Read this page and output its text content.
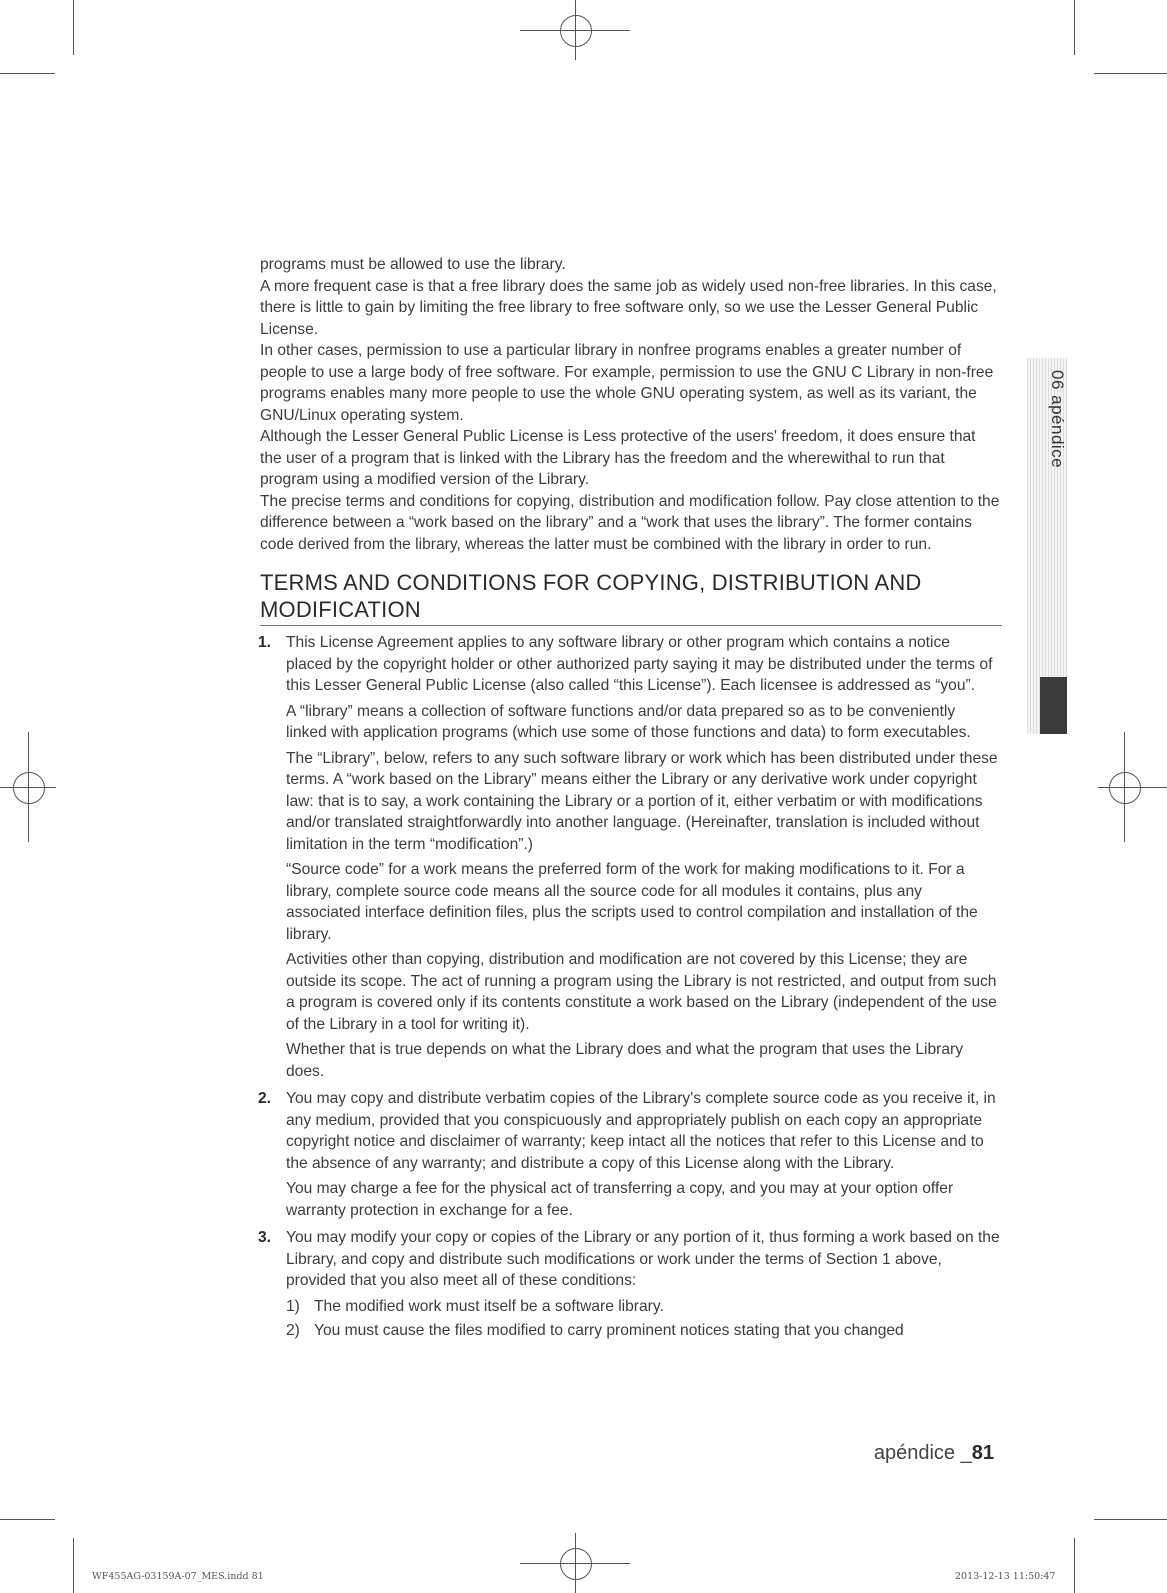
06 apéndice

programs must be allowed to use the library.

A more frequent case is that a free library does the same job as widely used non-free libraries. In this case, there is little to gain by limiting the free library to free software only, so we use the Lesser General Public License.

In other cases, permission to use a particular library in nonfree programs enables a greater number of people to use a large body of free software. For example, permission to use the GNU C Library in non-free programs enables many more people to use the whole GNU operating system, as well as its variant, the GNU/Linux operating system.

Although the Lesser General Public License is Less protective of the users' freedom, it does ensure that the user of a program that is linked with the Library has the freedom and the wherewithal to run that program using a modified version of the Library.

The precise terms and conditions for copying, distribution and modification follow. Pay close attention to the difference between a “work based on the library” and a “work that uses the library”. The former contains code derived from the library, whereas the latter must be combined with the library in order to run.

TERMS AND CONDITIONS FOR COPYING, DISTRIBUTION AND MODIFICATION
1. This License Agreement applies to any software library or other program which contains a notice placed by the copyright holder or other authorized party saying it may be distributed under the terms of this Lesser General Public License (also called “this License”). Each licensee is addressed as “you”.

A “library” means a collection of software functions and/or data prepared so as to be conveniently linked with application programs (which use some of those functions and data) to form executables.

The “Library”, below, refers to any such software library or work which has been distributed under these terms. A “work based on the Library” means either the Library or any derivative work under copyright law: that is to say, a work containing the Library or a portion of it, either verbatim or with modifications and/or translated straightforwardly into another language. (Hereinafter, translation is included without limitation in the term “modification”.)

“Source code” for a work means the preferred form of the work for making modifications to it. For a library, complete source code means all the source code for all modules it contains, plus any associated interface definition files, plus the scripts used to control compilation and installation of the library.

Activities other than copying, distribution and modification are not covered by this License; they are outside its scope. The act of running a program using the Library is not restricted, and output from such a program is covered only if its contents constitute a work based on the Library (independent of the use of the Library in a tool for writing it).

Whether that is true depends on what the Library does and what the program that uses the Library does.

2. You may copy and distribute verbatim copies of the Library's complete source code as you receive it, in any medium, provided that you conspicuously and appropriately publish on each copy an appropriate copyright notice and disclaimer of warranty; keep intact all the notices that refer to this License and to the absence of any warranty; and distribute a copy of this License along with the Library.

You may charge a fee for the physical act of transferring a copy, and you may at your option offer warranty protection in exchange for a fee.

3. You may modify your copy or copies of the Library or any portion of it, thus forming a work based on the Library, and copy and distribute such modifications or work under the terms of Section 1 above, provided that you also meet all of these conditions:

1) The modified work must itself be a software library.
2) You must cause the files modified to carry prominent notices stating that you changed
apéndice _81
WF455AG-03159A-07_MES.indd 81	2013-12-13 11:50:47
